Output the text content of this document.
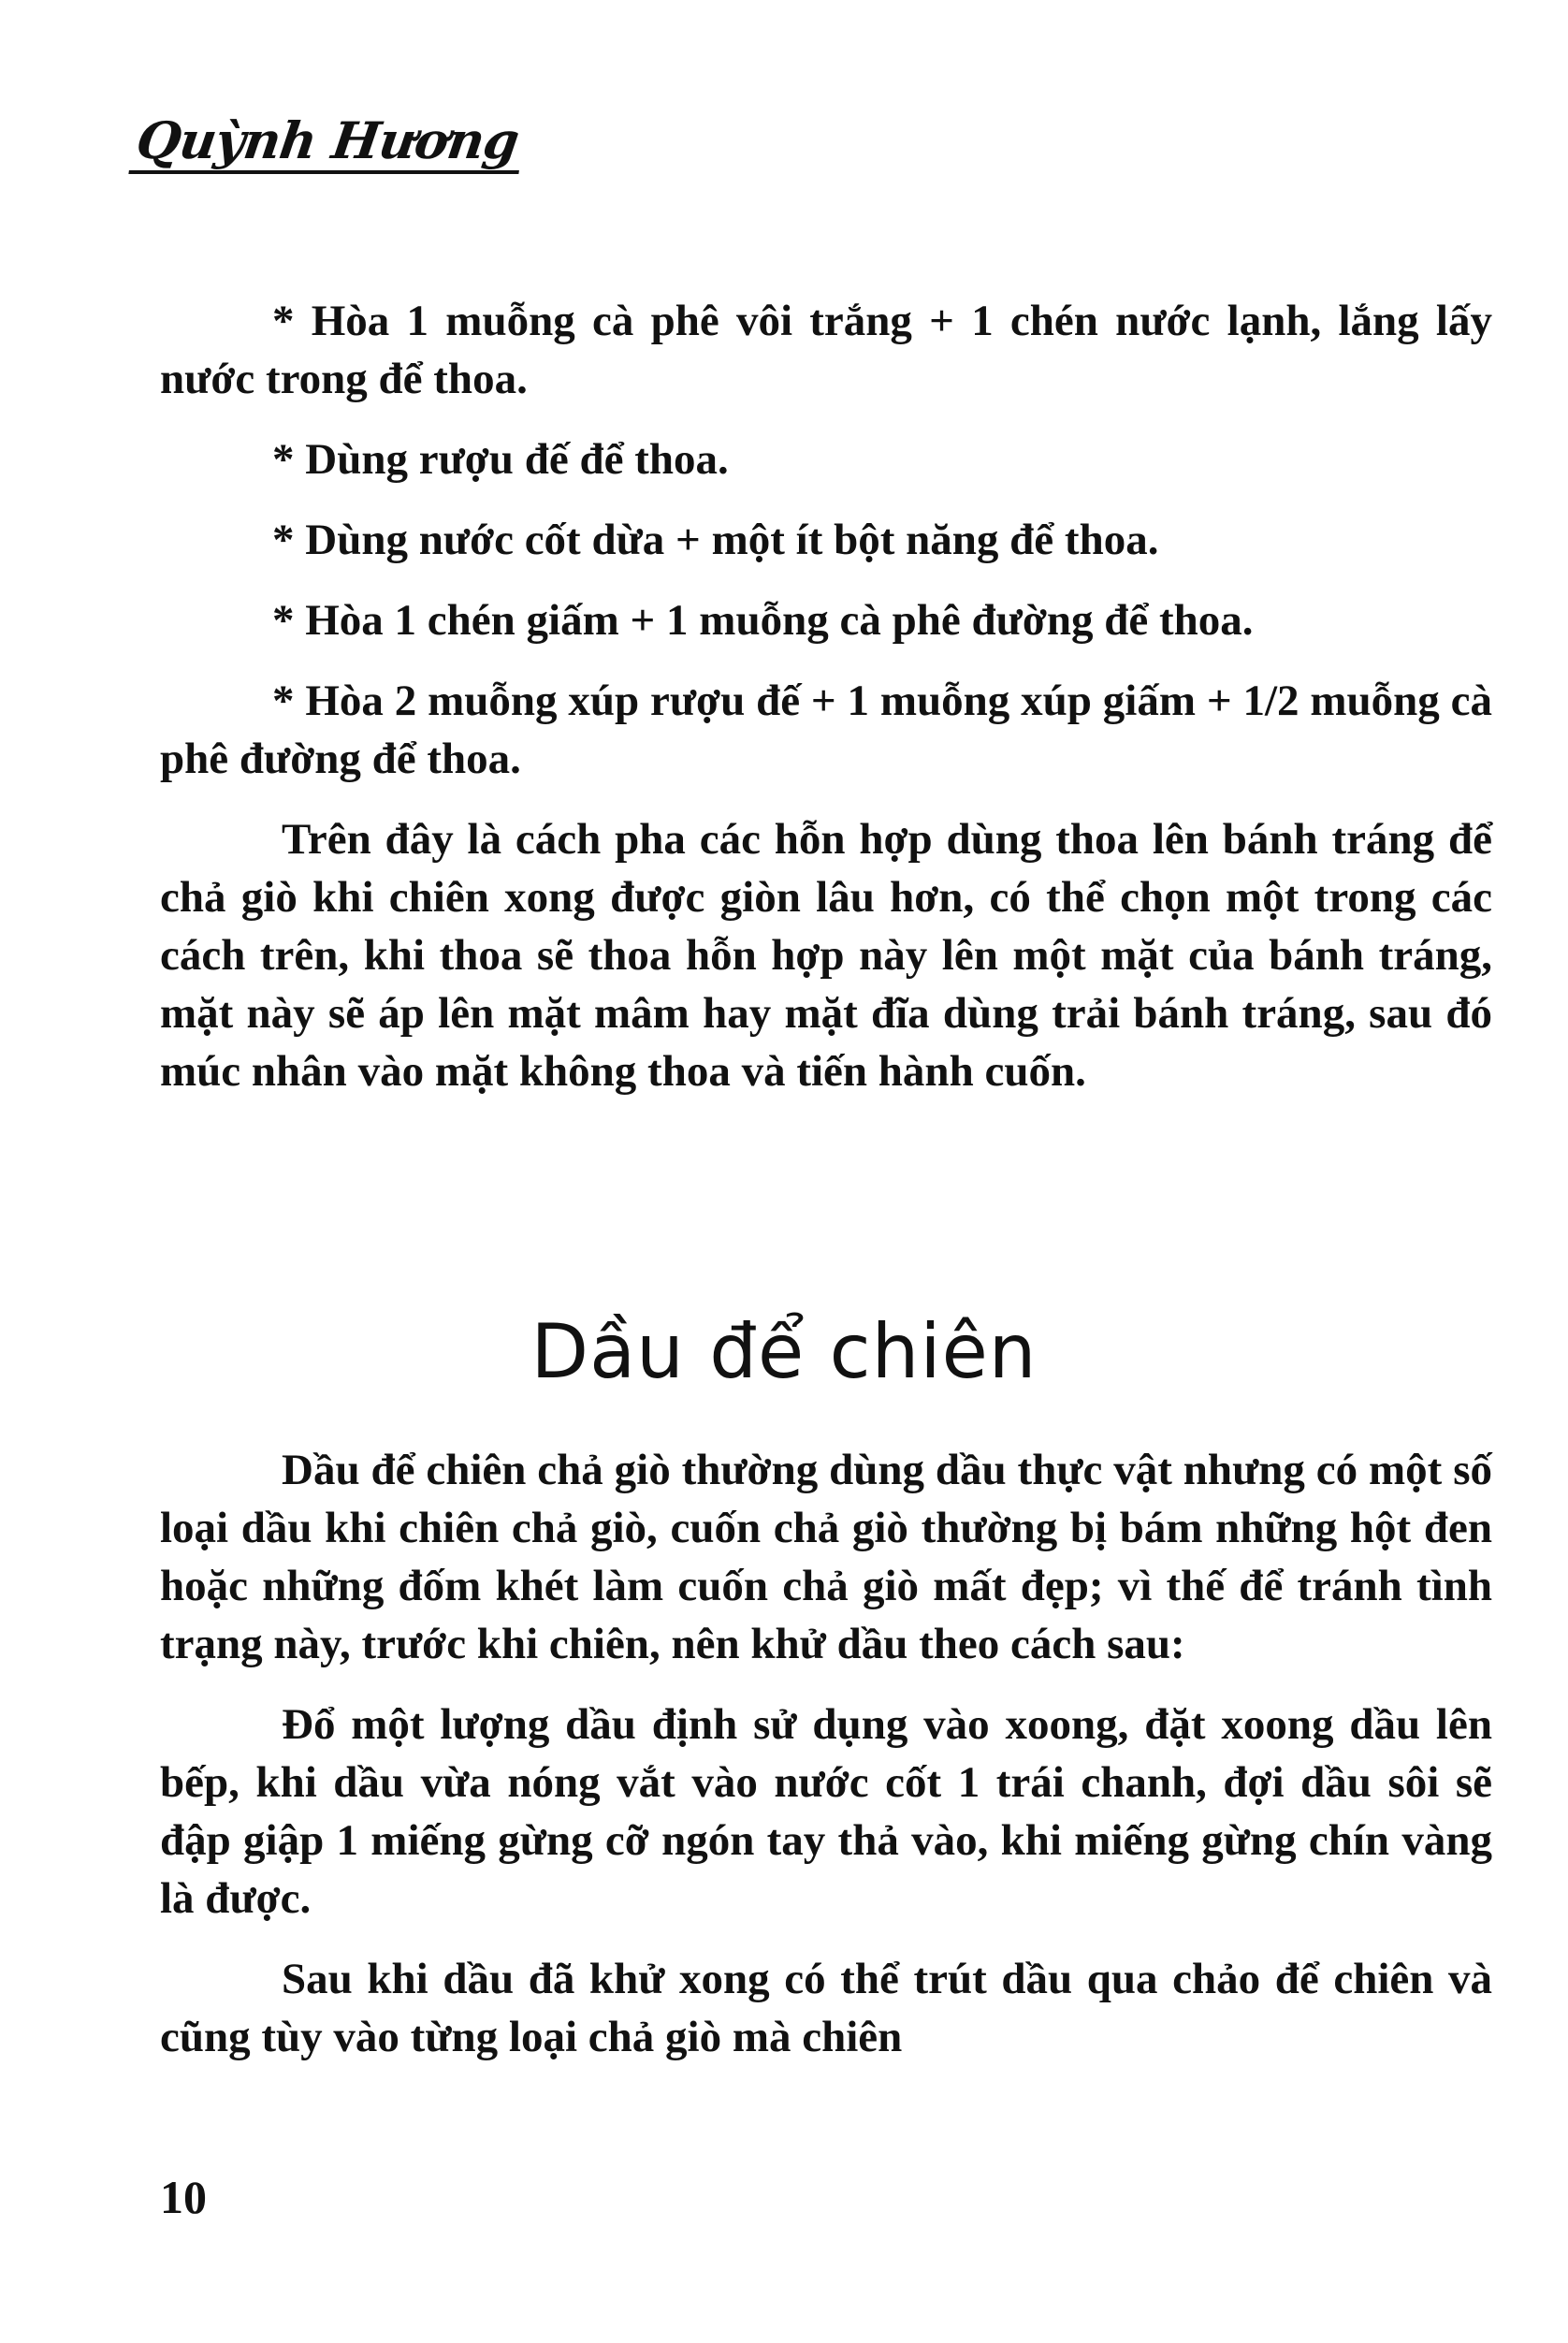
Quỳnh Hương

* Hòa 1 muỗng cà phê vôi trắng + 1 chén nước lạnh, lắng lấy nước trong để thoa.

* Dùng rượu đế để thoa.

* Dùng nước cốt dừa + một ít bột năng để thoa.

* Hòa 1 chén giấm + 1 muỗng cà phê đường để thoa.

* Hòa 2 muỗng xúp rượu đế + 1 muỗng xúp giấm + 1/2 muỗng cà phê đường để thoa.

Trên đây là cách pha các hỗn hợp dùng thoa lên bánh tráng để chả giò khi chiên xong được giòn lâu hơn, có thể chọn một trong các cách trên, khi thoa sẽ thoa hỗn hợp này lên một mặt của bánh tráng, mặt này sẽ áp lên mặt mâm hay mặt đĩa dùng trải bánh tráng, sau đó múc nhân vào mặt không thoa và tiến hành cuốn.

Dầu để chiên

Dầu để chiên chả giò thường dùng dầu thực vật nhưng có một số loại dầu khi chiên chả giò, cuốn chả giò thường bị bám những hột đen hoặc những đốm khét làm cuốn chả giò mất đẹp; vì thế để tránh tình trạng này, trước khi chiên, nên khử dầu theo cách sau:

Đổ một lượng dầu định sử dụng vào xoong, đặt xoong dầu lên bếp, khi dầu vừa nóng vắt vào nước cốt 1 trái chanh, đợi dầu sôi sẽ đập giập 1 miếng gừng cỡ ngón tay thả vào, khi miếng gừng chín vàng là được.

Sau khi dầu đã khử xong có thể trút dầu qua chảo để chiên và cũng tùy vào từng loại chả giò mà chiên

10
